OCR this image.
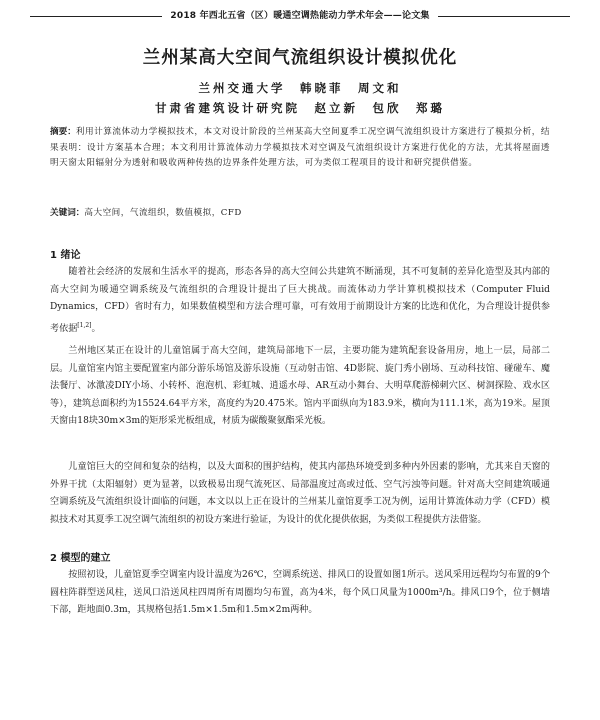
2018 年西北五省（区）暖通空调热能动力学术年会——论文集
兰州某高大空间气流组织设计模拟优化
兰州交通大学　韩晓菲　周文和
甘肃省建筑设计研究院　赵立新　包欣　郑璐
摘要：利用计算流体动力学模拟技术，本文对设计阶段的兰州某高大空间夏季工况空调气流组织设计方案进行了模拟分析，结果表明：设计方案基本合理；本文利用计算流体动力学模拟技术对空调及气流组织设计方案进行优化的方法，尤其将屋面透明天窗太阳辐射分为透射和吸收两种传热的边界条件处理方法，可为类似工程项目的设计和研究提供借鉴。
关键词：高大空间，气流组织，数值模拟，CFD
1 绪论
随着社会经济的发展和生活水平的提高，形态各异的高大空间公共建筑不断涌现，其不可复制的差异化造型及其内部的高大空间为暖通空调系统及气流组织的合理设计提出了巨大挑战。而流体动力学计算机模拟技术（Computer Fluid Dynamics，CFD）省时有力，如果数值模型和方法合理可靠，可有效用于前期设计方案的比选和优化，为合理设计提供参考依据[1,2]。
兰州地区某正在设计的儿童馆属于高大空间，建筑局部地下一层，主要功能为建筑配套设备用房，地上一层，局部二层。儿童馆室内馆主要配置室内部分游乐场馆及游乐设施（互动射击馆、4D影院、旋门秀小剧场、互动科技馆、碰碰车、魔法餐厅、冰激凌DIY小场、小转杯、泡泡机、彩虹城、逍遥水母、AR互动小舞台、大明草爬游梯刺穴区、树洞探险、戏水区等），建筑总面积约为15524.64平方米，高度约为20.475米。馆内平面纵向为183.9米，横向为111.1米，高为19米。屋顶天窗由18块30m×3m的矩形采光板组成，材质为碳酸聚氨酯采光板。
儿童馆巨大的空间和复杂的结构，以及大面积的围护结构，使其内部热环境受到多种内外因素的影响，尤其来自天窗的外界干扰（太阳辐射）更为显著，以致极易出现气流死区、局部温度过高或过低、空气污浊等问题。针对高大空间建筑暖通空调系统及气流组织设计面临的问题，本文以以上正在设计的兰州某儿童馆夏季工况为例，运用计算流体动力学（CFD）模拟技术对其夏季工况空调气流组织的初设方案进行验证，为设计的优化提供依据，为类似工程提供方法借鉴。
2 模型的建立
按照初设，儿童馆夏季空调室内设计温度为26℃，空调系统送、排风口的设置如图1所示。送风采用远程均匀布置的9个圆柱阵群型送风柱，送风口沿送风柱四周所有周圈均匀布置，高为4米，每个风口风量为1000m³/h。排风口9个，位于侧墙下部，距地面0.3m，其规格包括1.5m×1.5m和1.5m×2m两种。
